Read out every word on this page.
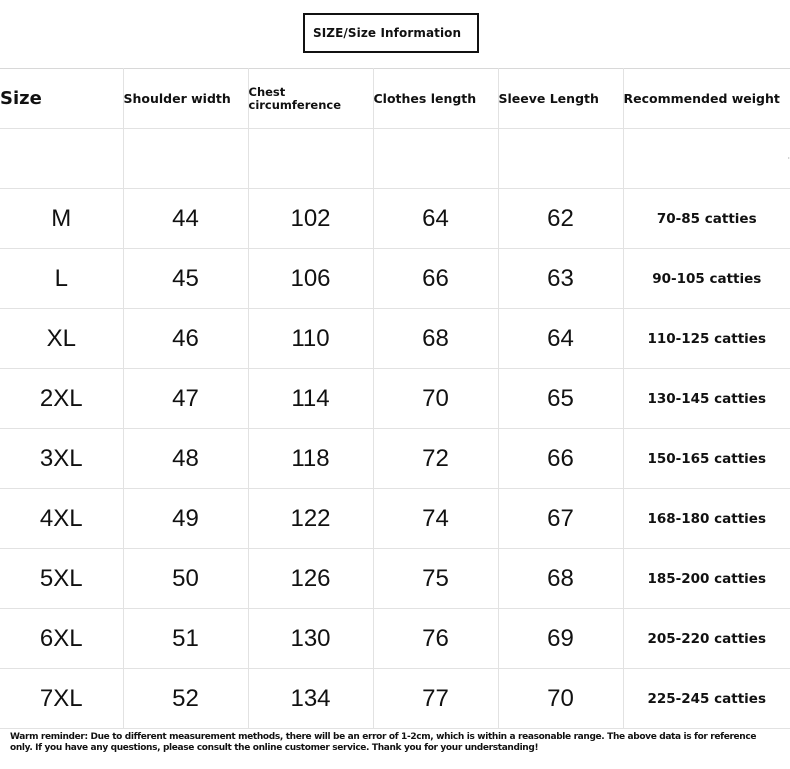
SIZE/Size Information
Size	Shoulder width	Chest circumference	Clothes length	Sleeve Length	Recommended weight
					·
M	44	102	64	62	70-85 catties
L	45	106	66	63	90-105 catties
XL	46	110	68	64	110-125 catties
2XL	47	114	70	65	130-145 catties
3XL	48	118	72	66	150-165 catties
4XL	49	122	74	67	168-180 catties
5XL	50	126	75	68	185-200 catties
6XL	51	130	76	69	205-220 catties
7XL	52	134	77	70	225-245 catties
Warm reminder: Due to different measurement methods, there will be an error of 1-2cm, which is within a reasonable range. The above data is for reference only. If you have any questions, please consult the online customer service. Thank you for your understanding!
